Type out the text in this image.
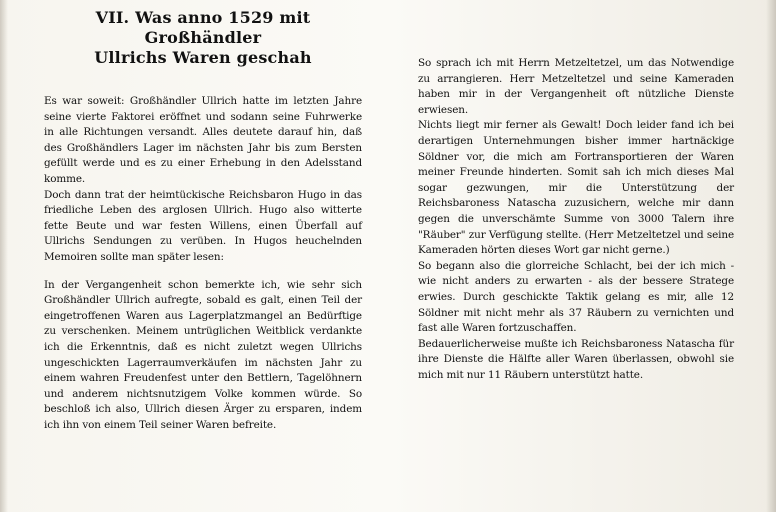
VII. Was anno 1529 mit Großhändler
Ullrichs Waren geschah

Es war soweit: Großhändler Ullrich hatte im letzten Jahre seine vierte Faktorei eröffnet und sodann seine Fuhrwerke in alle Richtungen versandt. Alles deutete darauf hin, daß des Großhändlers Lager im nächsten Jahr bis zum Bersten gefüllt werde und es zu einer Erhebung in den Adelsstand komme.

Doch dann trat der heimtückische Reichsbaron Hugo in das friedliche Leben des arglosen Ullrich. Hugo also witterte fette Beute und war festen Willens, einen Überfall auf Ullrichs Sendungen zu verüben. In Hugos heuchelnden Memoiren sollte man später lesen:

In der Vergangenheit schon bemerkte ich, wie sehr sich Großhändler Ullrich aufregte, sobald es galt, einen Teil der eingetroffenen Waren aus Lagerplatzmangel an Bedürftige zu verschenken. Meinem untrüglichen Weitblick verdankte ich die Erkenntnis, daß es nicht zuletzt wegen Ullrichs ungeschickten Lagerraumverkäufen im nächsten Jahr zu einem wahren Freudenfest unter den Bettlern, Tagelöhnern und anderem nichtsnutzigem Volke kommen würde. So beschloß ich also, Ullrich diesen Ärger zu ersparen, indem ich ihn von einem Teil seiner Waren befreite.

So sprach ich mit Herrn Metzeltetzel, um das Notwendige zu arrangieren. Herr Metzeltetzel und seine Kameraden haben mir in der Vergangenheit oft nützliche Dienste erwiesen.

Nichts liegt mir ferner als Gewalt! Doch leider fand ich bei derartigen Unternehmungen bisher immer hartnäckige Söldner vor, die mich am Fortransportieren der Waren meiner Freunde hinderten. Somit sah ich mich dieses Mal sogar gezwungen, mir die Unterstützung der Reichsbaroness Natascha zuzusichern, welche mir dann gegen die unverschämte Summe von 3000 Talern ihre "Räuber" zur Verfügung stellte. (Herr Metzeltetzel und seine Kameraden hörten dieses Wort gar nicht gerne.)

So begann also die glorreiche Schlacht, bei der ich mich - wie nicht anders zu erwarten - als der bessere Stratege erwies. Durch geschickte Taktik gelang es mir, alle 12 Söldner mit nicht mehr als 37 Räubern zu vernichten und fast alle Waren fortzuschaffen.

Bedauerlicherweise mußte ich Reichsbaroness Natascha für ihre Dienste die Hälfte aller Waren überlassen, obwohl sie mich mit nur 11 Räubern unterstützt hatte.
